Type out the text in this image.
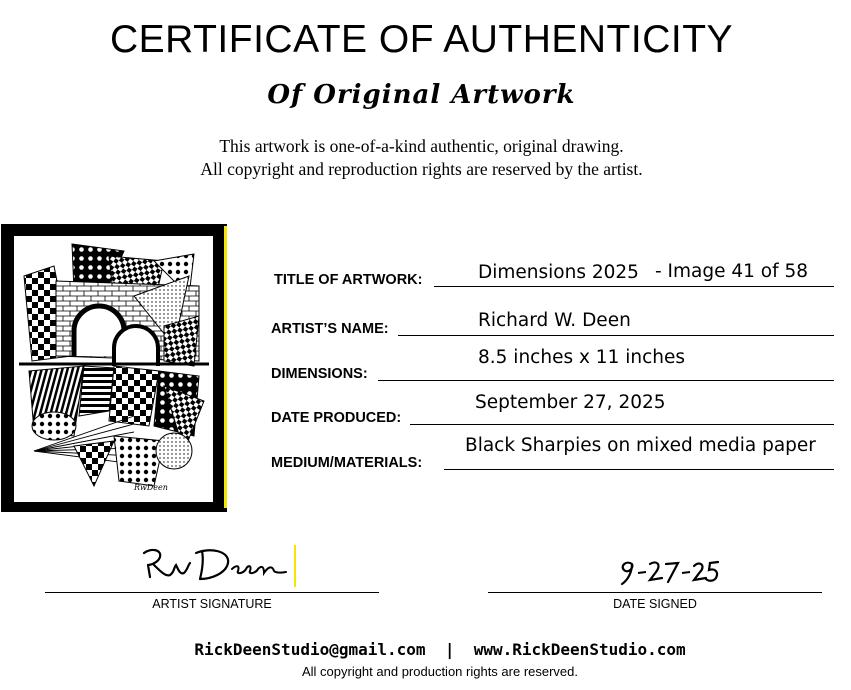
CERTIFICATE OF AUTHENTICITY
Of Original Artwork
This artwork is one-of-a-kind authentic, original drawing.
All copyright and reproduction rights are reserved by the artist.
RwDeen
TITLE OF ARTWORK:	Dimensions 2025 - Image 41 of 58
ARTIST’S NAME:	Richard W. Deen
DIMENSIONS:
8.5 inches x 11 inches
DATE PRODUCED:
September 27, 2025
MEDIUM/MATERIALS:
Black Sharpies on mixed media paper
ARTIST SIGNATURE	DATE SIGNED
RickDeenStudio@gmail.com | www.RickDeenStudio.com
All copyright and production rights are reserved.
